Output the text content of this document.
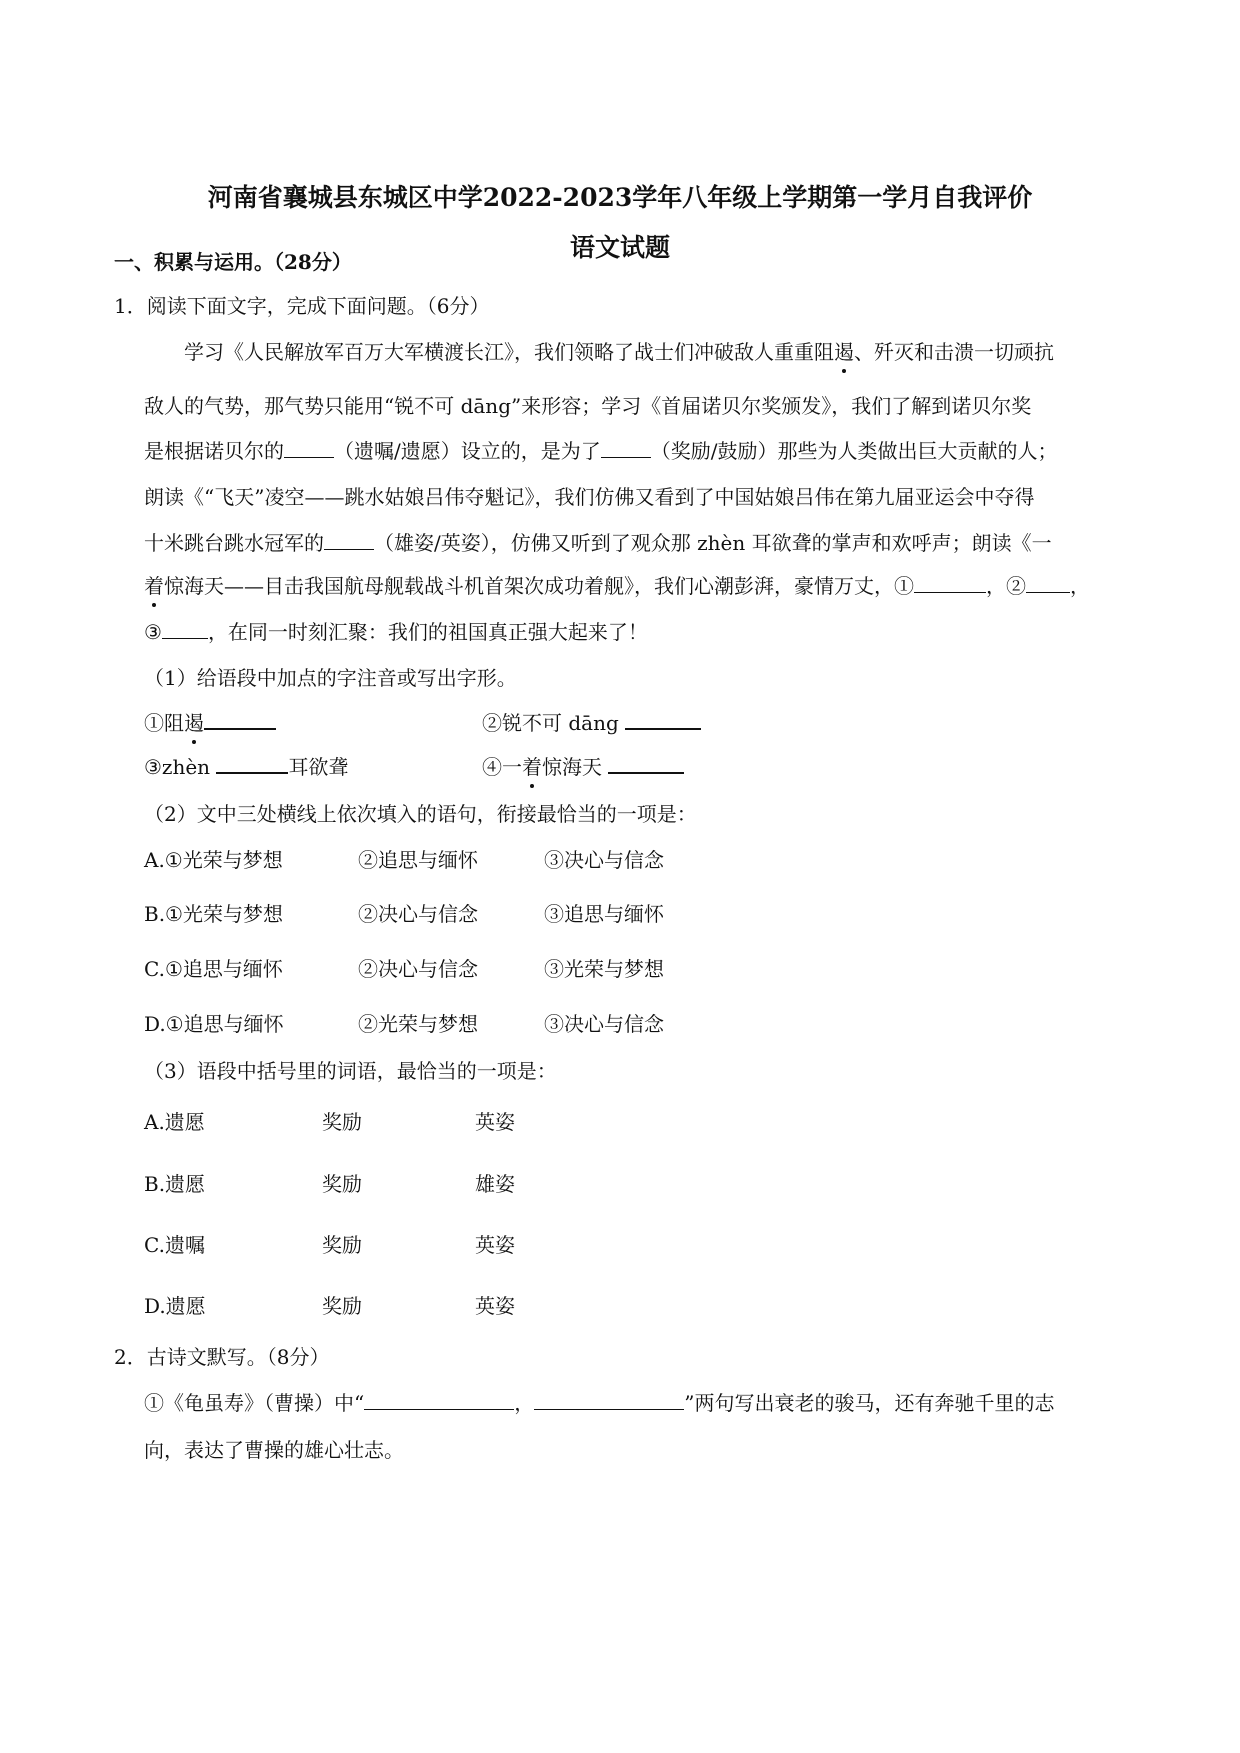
河南省襄城县东城区中学2022-2023学年八年级上学期第一学月自我评价
语文试题
一、积累与运用。（28分）
1．阅读下面文字，完成下面问题。（6分）
学习《人民解放军百万大军横渡长江》，我们领略了战士们冲破敌人重重阻遏、歼灭和击溃一切顽抗
敌人的气势，那气势只能用“锐不可 dāng”来形容；学习《首届诺贝尔奖颁发》，我们了解到诺贝尔奖
是根据诺贝尔的	（遗嘱/遗愿）设立的，是为了	（奖励/鼓励）那些为人类做出巨大贡献的人；
朗读《“飞天”凌空——跳水姑娘吕伟夺魁记》，我们仿佛又看到了中国姑娘吕伟在第九届亚运会中夺得
十米跳台跳水冠军的	（雄姿/英姿），仿佛又听到了观众那 zhèn 耳欲聋的掌声和欢呼声；朗读《一
着惊海天——目击我国航母舰载战斗机首架次成功着舰》，我们心潮彭湃，豪情万丈，①	，② ，
③ ，在同一时刻汇聚：我们的祖国真正强大起来了！
（1）给语段中加点的字注音或写出字形。
①阻遏	②锐不可 dāng
③zhèn	耳欲聋	④一着惊海天
（2）文中三处横线上依次填入的语句，衔接最恰当的一项是：
A.①光荣与梦想	②追思与缅怀	③决心与信念
B.①光荣与梦想	②决心与信念	③追思与缅怀
C.①追思与缅怀	②决心与信念	③光荣与梦想
D.①追思与缅怀	②光荣与梦想	③决心与信念
（3）语段中括号里的词语，最恰当的一项是：
A.遗愿	奖励	英姿
B.遗愿	奖励	雄姿
C.遗嘱	奖励	英姿
D.遗愿	奖励	英姿
2．古诗文默写。（8分）
①《龟虽寿》（曹操）中“	，	”两句写出衰老的骏马，还有奔驰千里的志
向，表达了曹操的雄心壮志。
